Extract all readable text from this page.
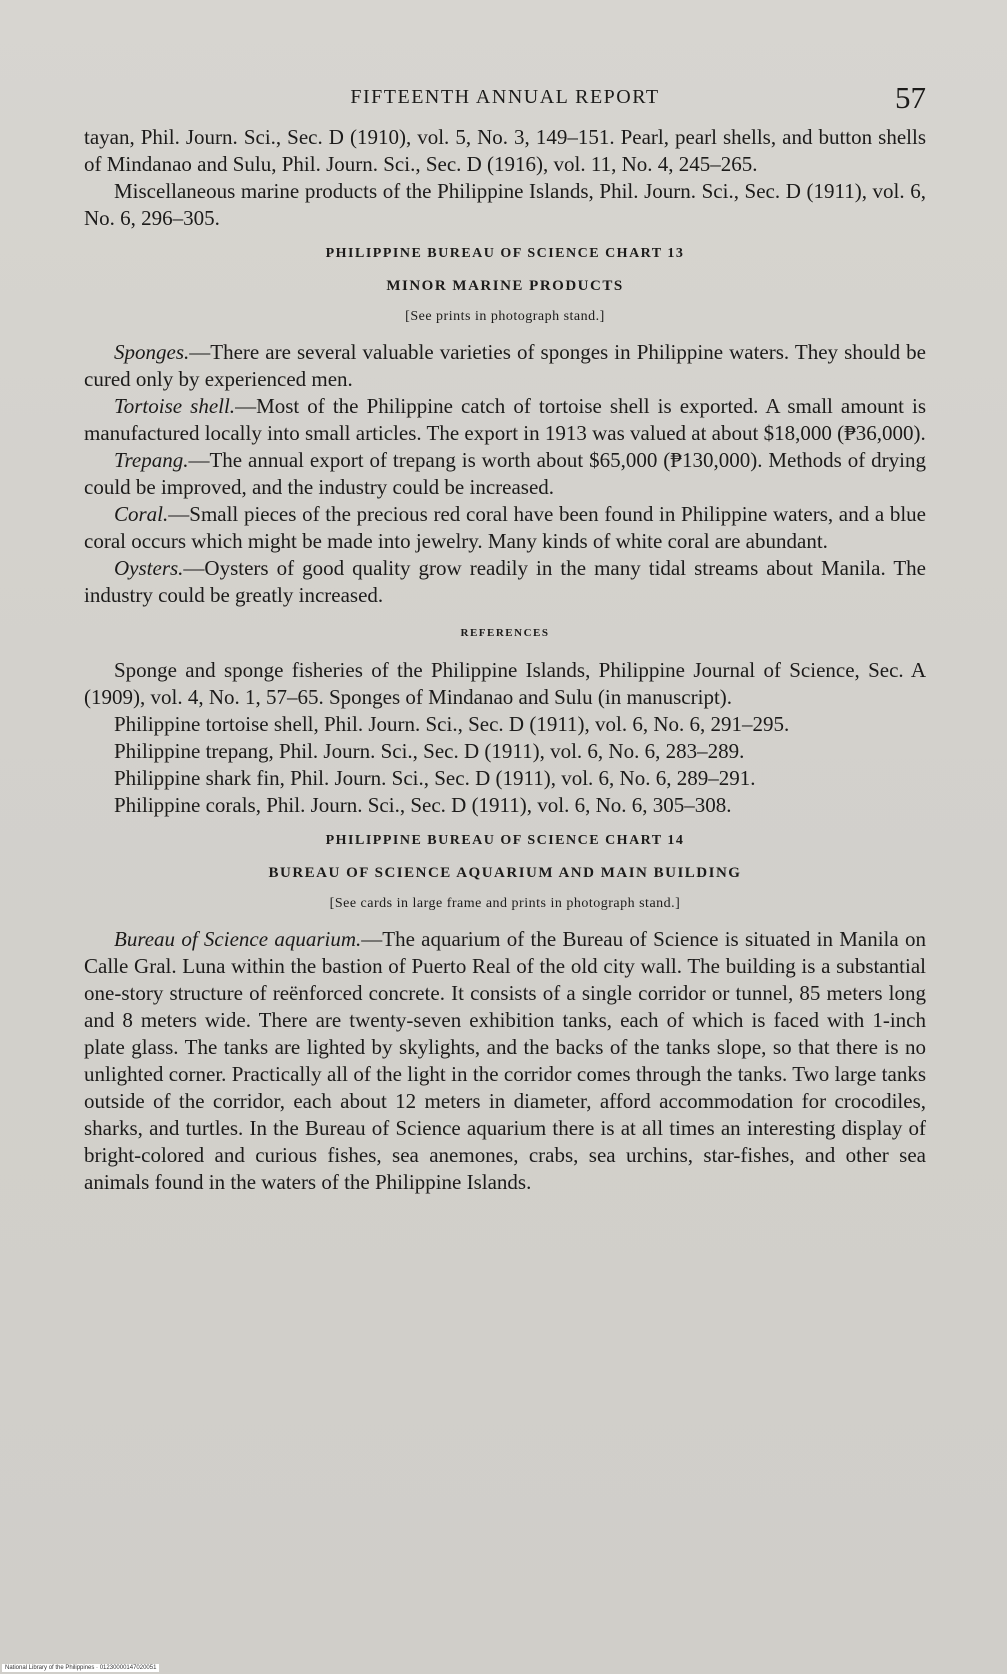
FIFTEENTH ANNUAL REPORT	57

tayan, Phil. Journ. Sci., Sec. D (1910), vol. 5, No. 3, 149–151. Pearl, pearl shells, and button shells of Mindanao and Sulu, Phil. Journ. Sci., Sec. D (1916), vol. 11, No. 4, 245–265.

Miscellaneous marine products of the Philippine Islands, Phil. Journ. Sci., Sec. D (1911), vol. 6, No. 6, 296–305.

PHILIPPINE BUREAU OF SCIENCE CHART 13
MINOR MARINE PRODUCTS
[See prints in photograph stand.]

Sponges.—There are several valuable varieties of sponges in Philippine waters. They should be cured only by experienced men.

Tortoise shell.—Most of the Philippine catch of tortoise shell is exported. A small amount is manufactured locally into small articles. The export in 1913 was valued at about $18,000 (₱36,000).

Trepang.—The annual export of trepang is worth about $65,000 (₱130,000). Methods of drying could be improved, and the industry could be increased.

Coral.—Small pieces of the precious red coral have been found in Philippine waters, and a blue coral occurs which might be made into jewelry. Many kinds of white coral are abundant.

Oysters.—Oysters of good quality grow readily in the many tidal streams about Manila. The industry could be greatly increased.

REFERENCES

Sponge and sponge fisheries of the Philippine Islands, Philippine Journal of Science, Sec. A (1909), vol. 4, No. 1, 57–65. Sponges of Mindanao and Sulu (in manuscript).

Philippine tortoise shell, Phil. Journ. Sci., Sec. D (1911), vol. 6, No. 6, 291–295.

Philippine trepang, Phil. Journ. Sci., Sec. D (1911), vol. 6, No. 6, 283–289.

Philippine shark fin, Phil. Journ. Sci., Sec. D (1911), vol. 6, No. 6, 289–291.

Philippine corals, Phil. Journ. Sci., Sec. D (1911), vol. 6, No. 6, 305–308.

PHILIPPINE BUREAU OF SCIENCE CHART 14
BUREAU OF SCIENCE AQUARIUM AND MAIN BUILDING
[See cards in large frame and prints in photograph stand.]

Bureau of Science aquarium.—The aquarium of the Bureau of Science is situated in Manila on Calle Gral. Luna within the bastion of Puerto Real of the old city wall. The building is a substantial one-story structure of reënforced concrete. It consists of a single corridor or tunnel, 85 meters long and 8 meters wide. There are twenty-seven exhibition tanks, each of which is faced with 1-inch plate glass. The tanks are lighted by skylights, and the backs of the tanks slope, so that there is no unlighted corner. Practically all of the light in the corridor comes through the tanks. Two large tanks outside of the corridor, each about 12 meters in diameter, afford accommodation for crocodiles, sharks, and turtles. In the Bureau of Science aquarium there is at all times an interesting display of bright-colored and curious fishes, sea anemones, crabs, sea urchins, star-fishes, and other sea animals found in the waters of the Philippine Islands.

National Library of the Philippines · 01230000147020051
